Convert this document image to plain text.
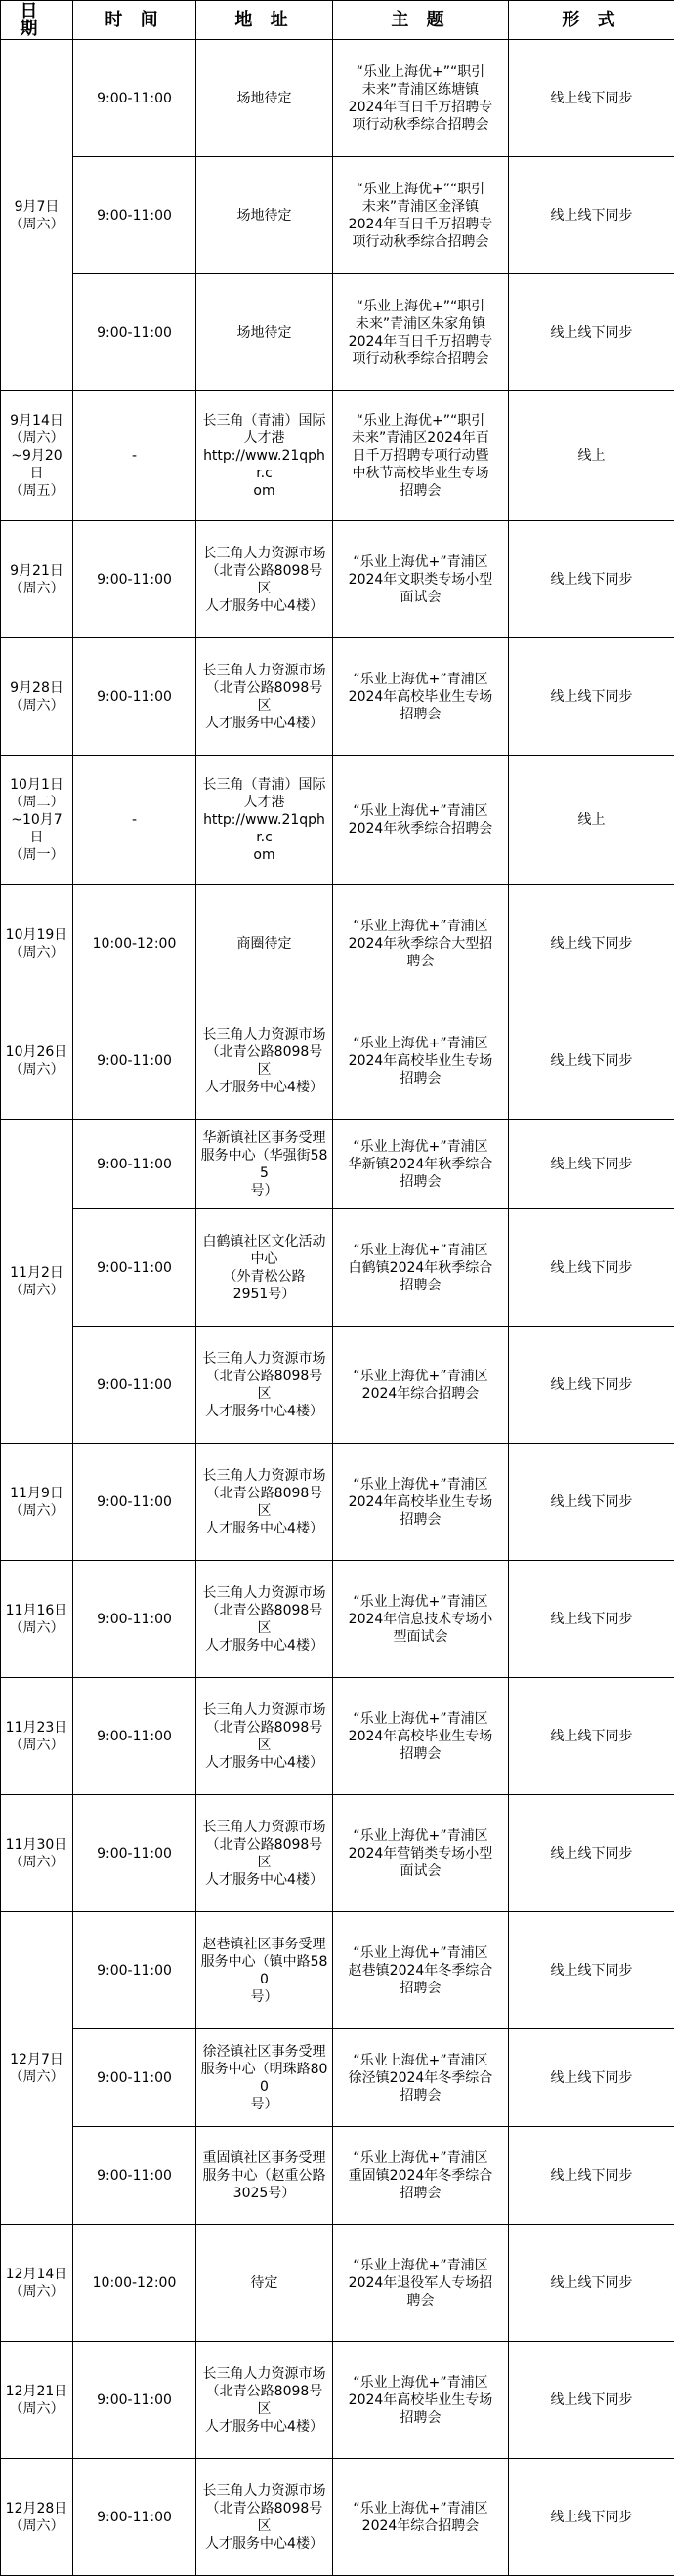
日 期	时 间	地 址	主 题	形 式

9月7日
（周六）	9:00-11:00	场地待定	“乐业上海优+”“职引
未来”青浦区练塘镇
2024年百日千万招聘专
项行动秋季综合招聘会	线上线下同步
	9:00-11:00	场地待定	“乐业上海优+”“职引
未来”青浦区金泽镇
2024年百日千万招聘专
项行动秋季综合招聘会	线上线下同步
	9:00-11:00	场地待定	“乐业上海优+”“职引
未来”青浦区朱家角镇
2024年百日千万招聘专
项行动秋季综合招聘会	线上线下同步

9月14日
（周六）
~9月20日
（周五）	-	长三角（青浦）国际
人才港
http://www.21qphr.c
om	“乐业上海优+”“职引
未来”青浦区2024年百
日千万招聘专项行动暨
中秋节高校毕业生专场
招聘会	线上

9月21日
（周六）	9:00-11:00	长三角人力资源市场
（北青公路8098号区
人才服务中心4楼）	“乐业上海优+”青浦区
2024年文职类专场小型
面试会	线上线下同步

9月28日
（周六）	9:00-11:00	长三角人力资源市场
（北青公路8098号区
人才服务中心4楼）	“乐业上海优+”青浦区
2024年高校毕业生专场
招聘会	线上线下同步

10月1日
（周二）
~10月7日
（周一）	-	长三角（青浦）国际
人才港
http://www.21qphr.c
om	“乐业上海优+”青浦区
2024年秋季综合招聘会	线上

10月19日
（周六）	10:00-12:00	商圈待定	“乐业上海优+”青浦区
2024年秋季综合大型招
聘会	线上线下同步

10月26日
（周六）	9:00-11:00	长三角人力资源市场
（北青公路8098号区
人才服务中心4楼）	“乐业上海优+”青浦区
2024年高校毕业生专场
招聘会	线上线下同步

11月2日
（周六）	9:00-11:00	华新镇社区事务受理
服务中心（华强街585
号）	“乐业上海优+”青浦区
华新镇2024年秋季综合
招聘会	线上线下同步
	9:00-11:00	白鹤镇社区文化活动
中心
（外青松公路
2951号）	“乐业上海优+”青浦区
白鹤镇2024年秋季综合
招聘会	线上线下同步
	9:00-11:00	长三角人力资源市场
（北青公路8098号区
人才服务中心4楼）	“乐业上海优+”青浦区
2024年综合招聘会	线上线下同步

11月9日
（周六）	9:00-11:00	长三角人力资源市场
（北青公路8098号区
人才服务中心4楼）	“乐业上海优+”青浦区
2024年高校毕业生专场
招聘会	线上线下同步

11月16日
（周六）	9:00-11:00	长三角人力资源市场
（北青公路8098号区
人才服务中心4楼）	“乐业上海优+”青浦区
2024年信息技术专场小
型面试会	线上线下同步

11月23日
（周六）	9:00-11:00	长三角人力资源市场
（北青公路8098号区
人才服务中心4楼）	“乐业上海优+”青浦区
2024年高校毕业生专场
招聘会	线上线下同步

11月30日
（周六）	9:00-11:00	长三角人力资源市场
（北青公路8098号区
人才服务中心4楼）	“乐业上海优+”青浦区
2024年营销类专场小型
面试会	线上线下同步

12月7日
（周六）	9:00-11:00	赵巷镇社区事务受理
服务中心（镇中路580
号）	“乐业上海优+”青浦区
赵巷镇2024年冬季综合
招聘会	线上线下同步
	9:00-11:00	徐泾镇社区事务受理
服务中心（明珠路800
号）	“乐业上海优+”青浦区
徐泾镇2024年冬季综合
招聘会	线上线下同步
	9:00-11:00	重固镇社区事务受理
服务中心（赵重公路
3025号）	“乐业上海优+”青浦区
重固镇2024年冬季综合
招聘会	线上线下同步

12月14日
（周六）	10:00-12:00	待定	“乐业上海优+”青浦区
2024年退役军人专场招
聘会	线上线下同步

12月21日
（周六）	9:00-11:00	长三角人力资源市场
（北青公路8098号区
人才服务中心4楼）	“乐业上海优+”青浦区
2024年高校毕业生专场
招聘会	线上线下同步

12月28日
（周六）	9:00-11:00	长三角人力资源市场
（北青公路8098号区
人才服务中心4楼）	“乐业上海优+”青浦区
2024年综合招聘会	线上线下同步
